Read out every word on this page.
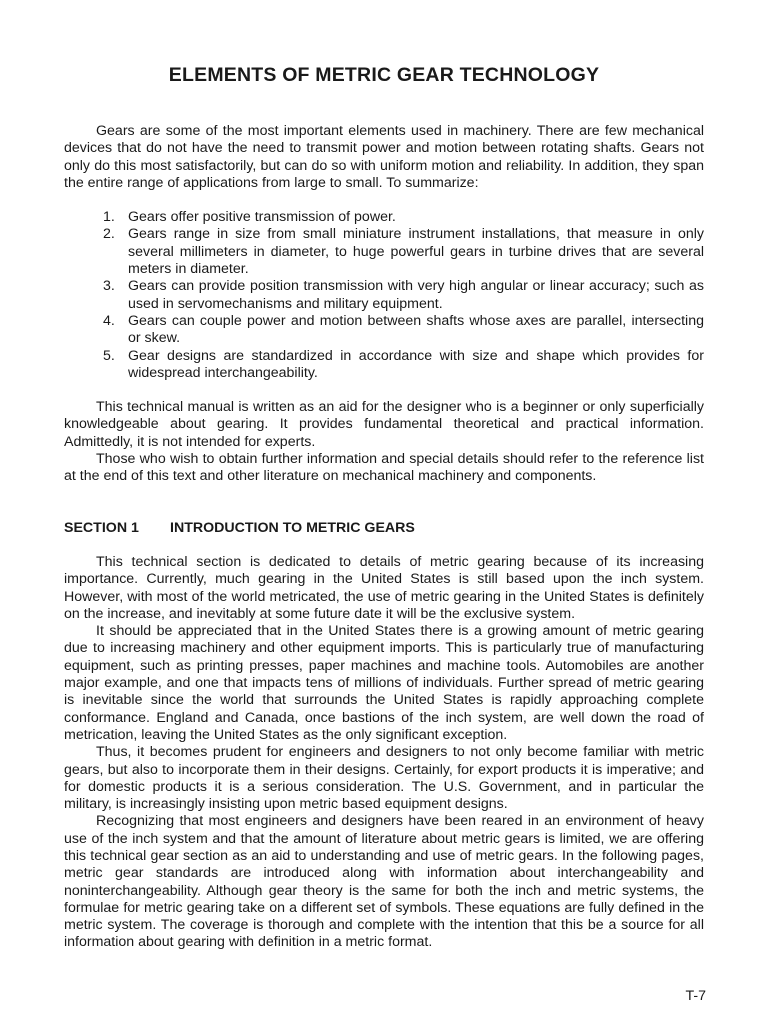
ELEMENTS OF METRIC GEAR TECHNOLOGY

Gears are some of the most important elements used in machinery. There are few mechanical devices that do not have the need to transmit power and motion between rotating shafts. Gears not only do this most satisfactorily, but can do so with uniform motion and reliability. In addition, they span the entire range of applications from large to small. To summarize:

1. Gears offer positive transmission of power.
2. Gears range in size from small miniature instrument installations, that measure in only several millimeters in diameter, to huge powerful gears in turbine drives that are several meters in diameter.
3. Gears can provide position transmission with very high angular or linear accuracy; such as used in servomechanisms and military equipment.
4. Gears can couple power and motion between shafts whose axes are parallel, intersecting or skew.
5. Gear designs are standardized in accordance with size and shape which provides for widespread interchangeability.

This technical manual is written as an aid for the designer who is a beginner or only superficially knowledgeable about gearing. It provides fundamental theoretical and practical information. Admittedly, it is not intended for experts.

Those who wish to obtain further information and special details should refer to the reference list at the end of this text and other literature on mechanical machinery and components.

SECTION 1 INTRODUCTION TO METRIC GEARS

This technical section is dedicated to details of metric gearing because of its increasing importance. Currently, much gearing in the United States is still based upon the inch system. However, with most of the world metricated, the use of metric gearing in the United States is definitely on the increase, and inevitably at some future date it will be the exclusive system.

It should be appreciated that in the United States there is a growing amount of metric gearing due to increasing machinery and other equipment imports. This is particularly true of manufacturing equipment, such as printing presses, paper machines and machine tools. Automobiles are another major example, and one that impacts tens of millions of individuals. Further spread of metric gearing is inevitable since the world that surrounds the United States is rapidly approaching complete conformance. England and Canada, once bastions of the inch system, are well down the road of metrication, leaving the United States as the only significant exception.

Thus, it becomes prudent for engineers and designers to not only become familiar with metric gears, but also to incorporate them in their designs. Certainly, for export products it is imperative; and for domestic products it is a serious consideration. The U.S. Government, and in particular the military, is increasingly insisting upon metric based equipment designs.

Recognizing that most engineers and designers have been reared in an environment of heavy use of the inch system and that the amount of literature about metric gears is limited, we are offering this technical gear section as an aid to understanding and use of metric gears. In the following pages, metric gear standards are introduced along with information about interchangeability and noninterchangeability. Although gear theory is the same for both the inch and metric systems, the formulae for metric gearing take on a different set of symbols. These equations are fully defined in the metric system. The coverage is thorough and complete with the intention that this be a source for all information about gearing with definition in a metric format.

T-7
